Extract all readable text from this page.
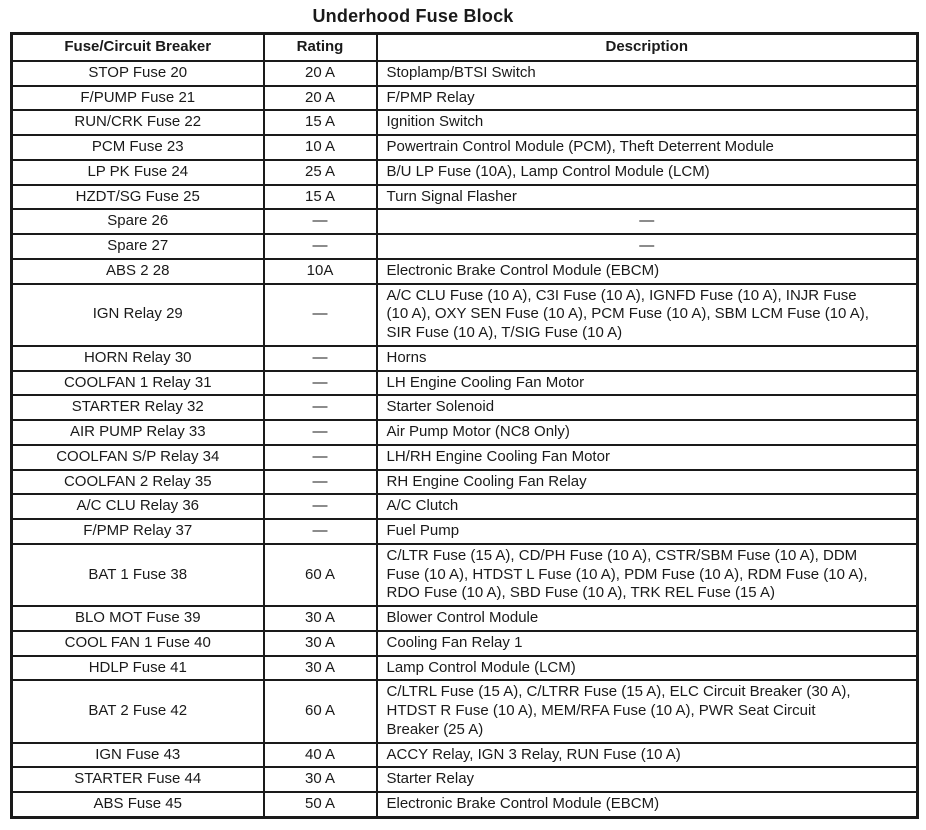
Underhood Fuse Block
Fuse/Circuit Breaker	Rating	Description
STOP Fuse 20	20 A	Stoplamp/BTSI Switch
F/PUMP Fuse 21	20 A	F/PMP Relay
RUN/CRK Fuse 22	15 A	Ignition Switch
PCM Fuse 23	10 A	Powertrain Control Module (PCM), Theft Deterrent Module
LP PK Fuse 24	25 A	B/U LP Fuse (10A), Lamp Control Module (LCM)
HZDT/SG Fuse 25	15 A	Turn Signal Flasher
Spare 26	—	—
Spare 27	—	—
ABS 2 28	10A	Electronic Brake Control Module (EBCM)
IGN Relay 29	—	A/C CLU Fuse (10 A), C3I Fuse (10 A), IGNFD Fuse (10 A), INJR Fuse (10 A), OXY SEN Fuse (10 A), PCM Fuse (10 A), SBM LCM Fuse (10 A), SIR Fuse (10 A), T/SIG Fuse (10 A)
HORN Relay 30	—	Horns
COOLFAN 1 Relay 31	—	LH Engine Cooling Fan Motor
STARTER Relay 32	—	Starter Solenoid
AIR PUMP Relay 33	—	Air Pump Motor (NC8 Only)
COOLFAN S/P Relay 34	—	LH/RH Engine Cooling Fan Motor
COOLFAN 2 Relay 35	—	RH Engine Cooling Fan Relay
A/C CLU Relay 36	—	A/C Clutch
F/PMP Relay 37	—	Fuel Pump
BAT 1 Fuse 38	60 A	C/LTR Fuse (15 A), CD/PH Fuse (10 A), CSTR/SBM Fuse (10 A), DDM Fuse (10 A), HTDST L Fuse (10 A), PDM Fuse (10 A), RDM Fuse (10 A), RDO Fuse (10 A), SBD Fuse (10 A), TRK REL Fuse (15 A)
BLO MOT Fuse 39	30 A	Blower Control Module
COOL FAN 1 Fuse 40	30 A	Cooling Fan Relay 1
HDLP Fuse 41	30 A	Lamp Control Module (LCM)
BAT 2 Fuse 42	60 A	C/LTRL Fuse (15 A), C/LTRR Fuse (15 A), ELC Circuit Breaker (30 A), HTDST R Fuse (10 A), MEM/RFA Fuse (10 A), PWR Seat Circuit Breaker (25 A)
IGN Fuse 43	40 A	ACCY Relay, IGN 3 Relay, RUN Fuse (10 A)
STARTER Fuse 44	30 A	Starter Relay
ABS Fuse 45	50 A	Electronic Brake Control Module (EBCM)
